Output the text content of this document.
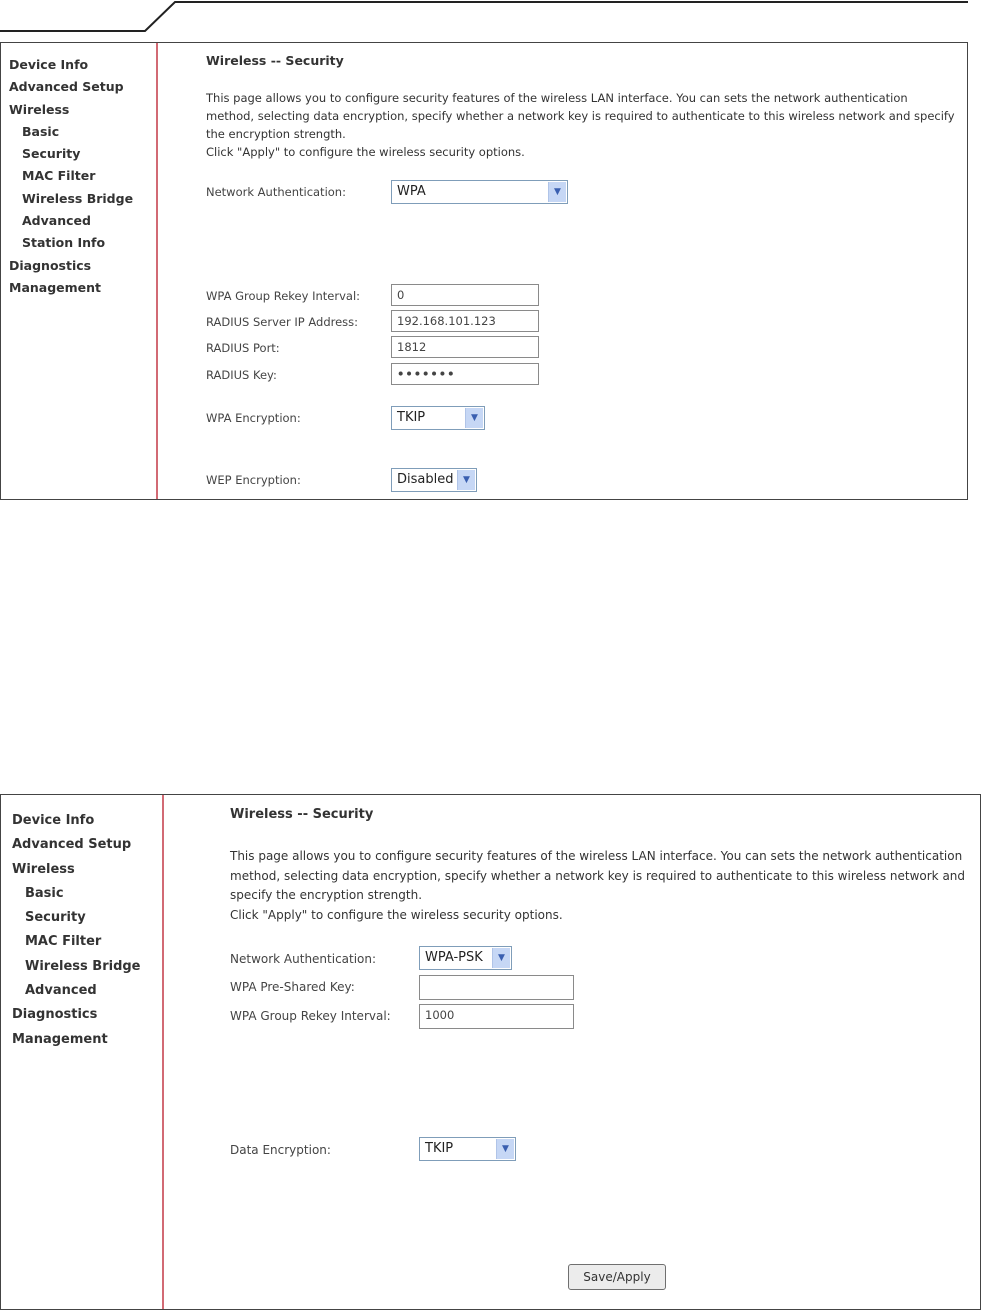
Device Info
Advanced Setup
Wireless
Basic
Security
MAC Filter
Wireless Bridge
Advanced
Station Info
Diagnostics
Management
Wireless -- Security
This page allows you to configure security features of the wireless LAN interface. You can sets the network authentication method, selecting data encryption, specify whether a network key is required to authenticate to this wireless network and specify the encryption strength.
Click "Apply" to configure the wireless security options.
Network Authentication:	WPA	▼
WPA Group Rekey Interval:	0
RADIUS Server IP Address:	192.168.101.123
RADIUS Port:	1812
RADIUS Key:	•••••••
WPA Encryption:	TKIP	▼
WEP Encryption:	Disabled	▼
Device Info
Advanced Setup
Wireless
Basic
Security
MAC Filter
Wireless Bridge
Advanced
Diagnostics
Management
Wireless -- Security
This page allows you to configure security features of the wireless LAN interface. You can sets the network authentication method, selecting data encryption, specify whether a network key is required to authenticate to this wireless network and specify the encryption strength.
Click "Apply" to configure the wireless security options.
Network Authentication:	WPA-PSK	▼
WPA Pre-Shared Key:
WPA Group Rekey Interval:	1000
Data Encryption:	TKIP	▼
Save/Apply
